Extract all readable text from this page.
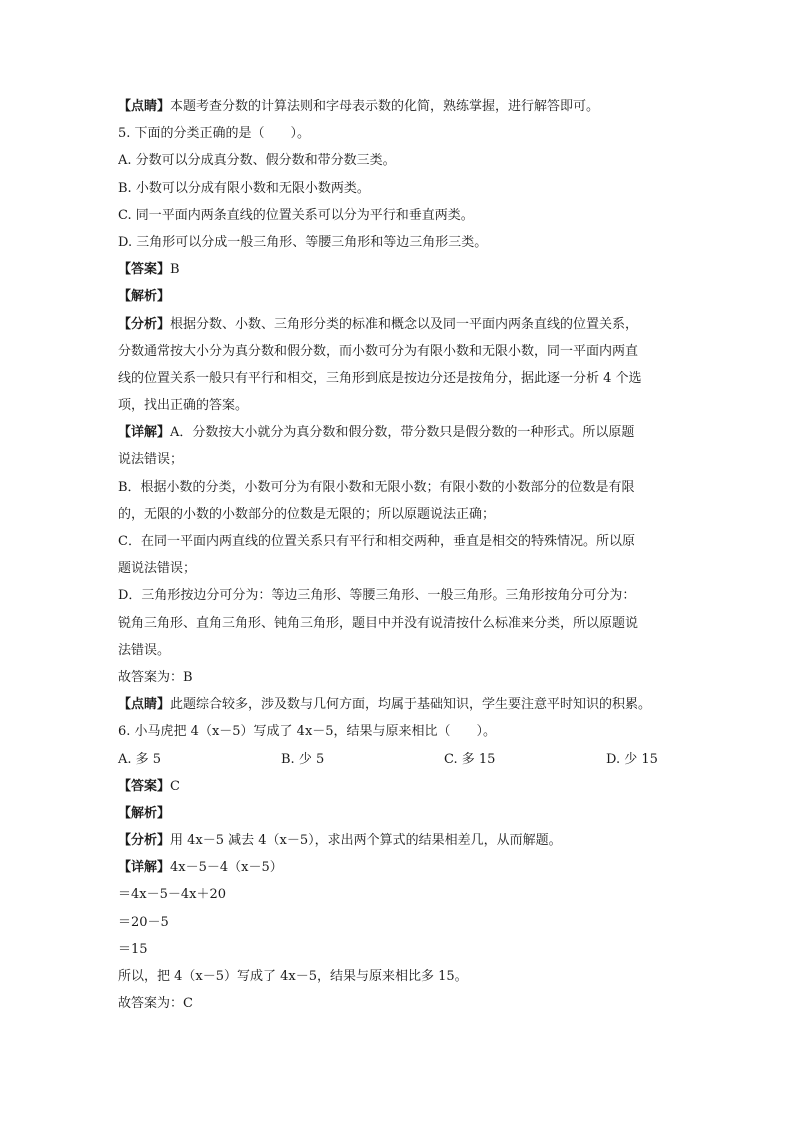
【点睛】本题考查分数的计算法则和字母表示数的化简，熟练掌握，进行解答即可。
5. 下面的分类正确的是（　　）。
A. 分数可以分成真分数、假分数和带分数三类。
B. 小数可以分成有限小数和无限小数两类。
C. 同一平面内两条直线的位置关系可以分为平行和垂直两类。
D. 三角形可以分成一般三角形、等腰三角形和等边三角形三类。
【答案】B
【解析】
【分析】根据分数、小数、三角形分类的标准和概念以及同一平面内两条直线的位置关系，
分数通常按大小分为真分数和假分数，而小数可分为有限小数和无限小数，同一平面内两直
线的位置关系一般只有平行和相交，三角形到底是按边分还是按角分，据此逐一分析 4 个选
项，找出正确的答案。
【详解】A．分数按大小就分为真分数和假分数，带分数只是假分数的一种形式。所以原题
说法错误；
B．根据小数的分类，小数可分为有限小数和无限小数；有限小数的小数部分的位数是有限
的，无限的小数的小数部分的位数是无限的；所以原题说法正确；
C．在同一平面内两直线的位置关系只有平行和相交两种，垂直是相交的特殊情况。所以原
题说法错误；
D．三角形按边分可分为：等边三角形、等腰三角形、一般三角形。三角形按角分可分为：
锐角三角形、直角三角形、钝角三角形，题目中并没有说清按什么标准来分类，所以原题说
法错误。
故答案为：B
【点睛】此题综合较多，涉及数与几何方面，均属于基础知识，学生要注意平时知识的积累。
6. 小马虎把 4（x－5）写成了 4x－5，结果与原来相比（　　）。
A. 多 5	B. 少 5	C. 多 15	D. 少 15
【答案】C
【解析】
【分析】用 4x－5 减去 4（x－5），求出两个算式的结果相差几，从而解题。
【详解】4x－5－4（x－5）
＝4x－5－4x＋20
＝20－5
＝15
所以，把 4（x－5）写成了 4x－5，结果与原来相比多 15。
故答案为：C
